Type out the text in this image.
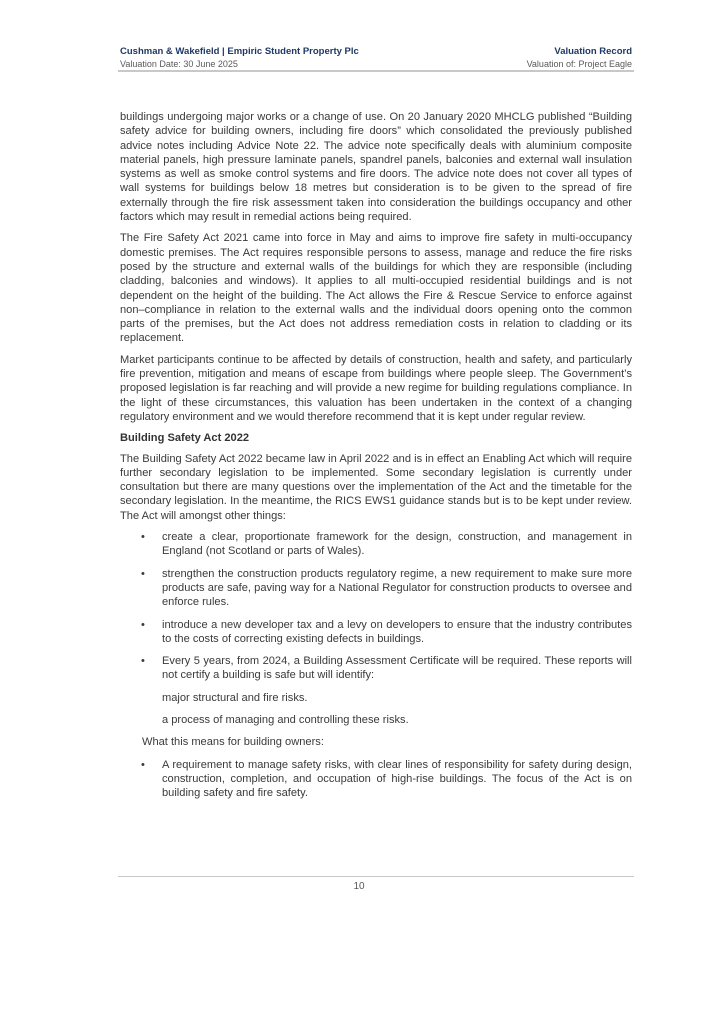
Cushman & Wakefield | Empiric Student Property Plc
Valuation Date: 30 June 2025
Valuation Record
Valuation of: Project Eagle

buildings undergoing major works or a change of use. On 20 January 2020 MHCLG published “Building safety advice for building owners, including fire doors” which consolidated the previously published advice notes including Advice Note 22. The advice note specifically deals with aluminium composite material panels, high pressure laminate panels, spandrel panels, balconies and external wall insulation systems as well as smoke control systems and fire doors. The advice note does not cover all types of wall systems for buildings below 18 metres but consideration is to be given to the spread of fire externally through the fire risk assessment taken into consideration the buildings occupancy and other factors which may result in remedial actions being required.

The Fire Safety Act 2021 came into force in May and aims to improve fire safety in multi-occupancy domestic premises. The Act requires responsible persons to assess, manage and reduce the fire risks posed by the structure and external walls of the buildings for which they are responsible (including cladding, balconies and windows). It applies to all multi-occupied residential buildings and is not dependent on the height of the building. The Act allows the Fire & Rescue Service to enforce against non–compliance in relation to the external walls and the individual doors opening onto the common parts of the premises, but the Act does not address remediation costs in relation to cladding or its replacement.

Market participants continue to be affected by details of construction, health and safety, and particularly fire prevention, mitigation and means of escape from buildings where people sleep. The Government’s proposed legislation is far reaching and will provide a new regime for building regulations compliance. In the light of these circumstances, this valuation has been undertaken in the context of a changing regulatory environment and we would therefore recommend that it is kept under regular review.

Building Safety Act 2022

The Building Safety Act 2022 became law in April 2022 and is in effect an Enabling Act which will require further secondary legislation to be implemented. Some secondary legislation is currently under consultation but there are many questions over the implementation of the Act and the timetable for the secondary legislation. In the meantime, the RICS EWS1 guidance stands but is to be kept under review. The Act will amongst other things:

• create a clear, proportionate framework for the design, construction, and management in England (not Scotland or parts of Wales).
• strengthen the construction products regulatory regime, a new requirement to make sure more products are safe, paving way for a National Regulator for construction products to oversee and enforce rules.
• introduce a new developer tax and a levy on developers to ensure that the industry contributes to the costs of correcting existing defects in buildings.
• Every 5 years, from 2024, a Building Assessment Certificate will be required. These reports will not certify a building is safe but will identify:
major structural and fire risks.
a process of managing and controlling these risks.
What this means for building owners:
• A requirement to manage safety risks, with clear lines of responsibility for safety during design, construction, completion, and occupation of high-rise buildings. The focus of the Act is on building safety and fire safety.
10
